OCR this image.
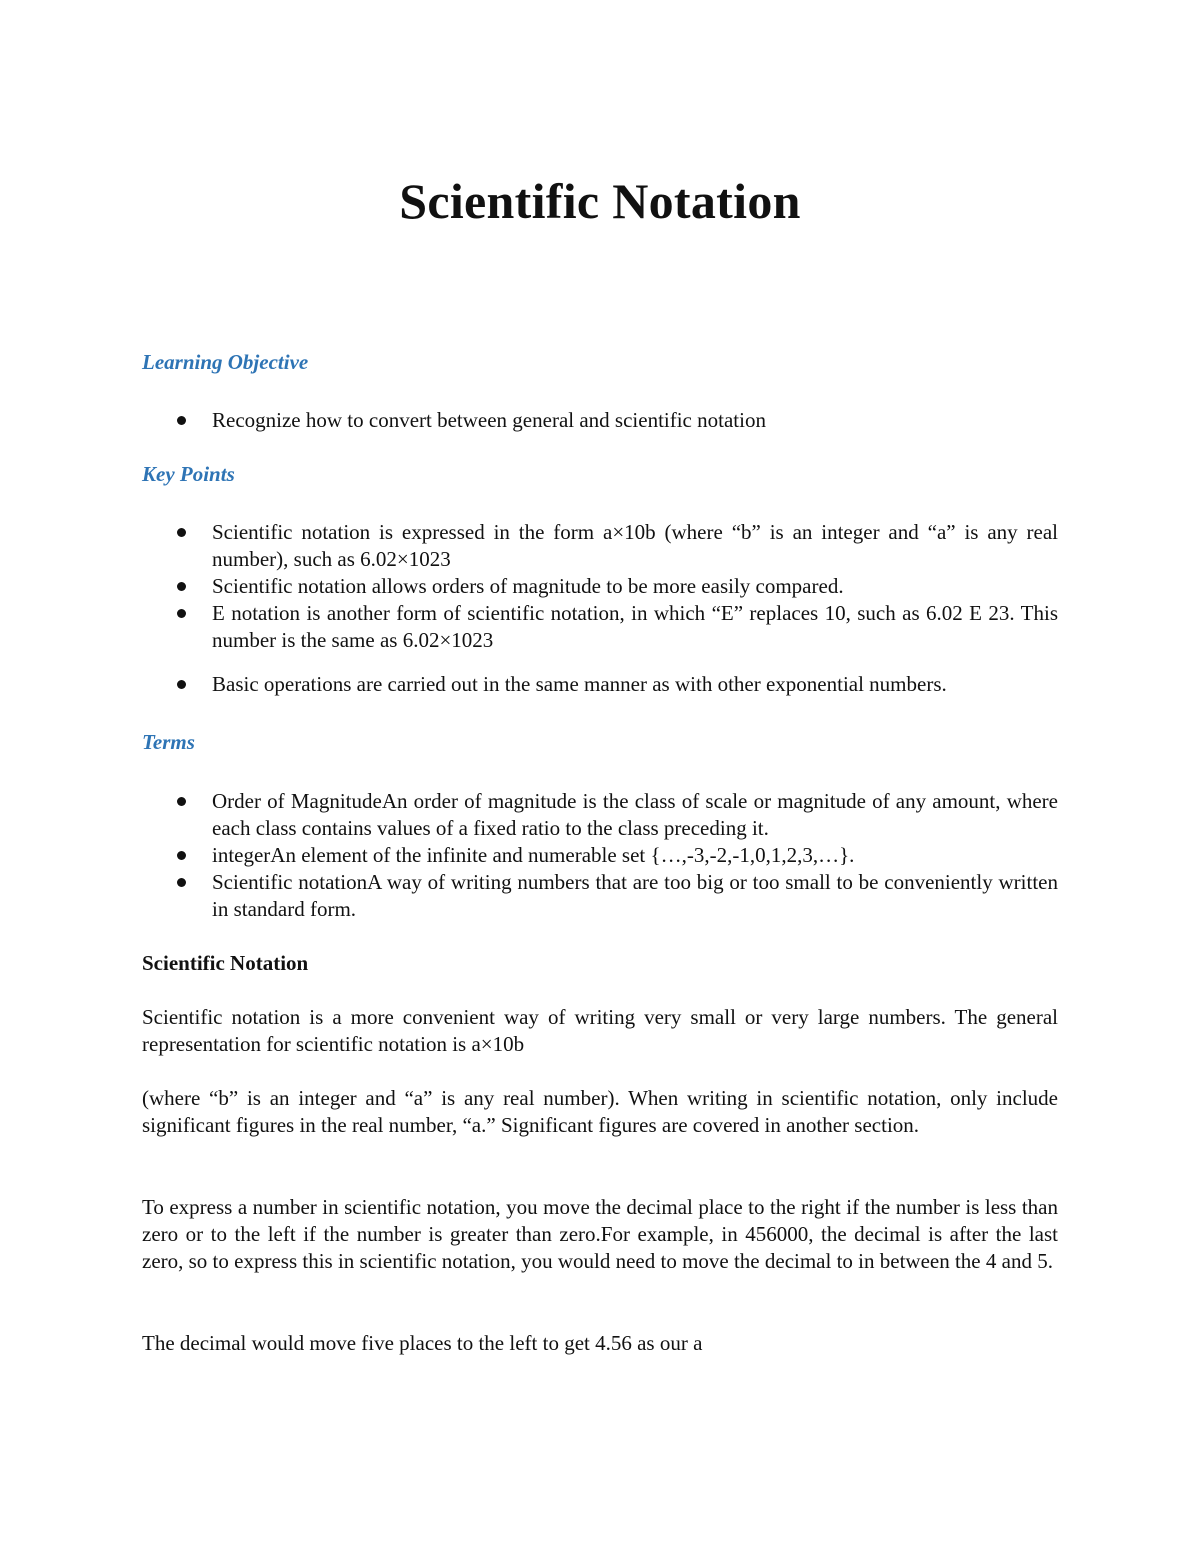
Scientific Notation
Learning Objective
Recognize how to convert between general and scientific notation
Key Points
Scientific notation is expressed in the form a×10b (where “b” is an integer and “a” is any real number), such as 6.02×1023
Scientific notation allows orders of magnitude to be more easily compared.
E notation is another form of scientific notation, in which “E” replaces 10, such as 6.02 E 23. This number is the same as 6.02×1023
Basic operations are carried out in the same manner as with other exponential numbers.
Terms
Order of MagnitudeAn order of magnitude is the class of scale or magnitude of any amount, where each class contains values of a fixed ratio to the class preceding it.
integerAn element of the infinite and numerable set {…,-3,-2,-1,0,1,2,3,…}.
Scientific notationA way of writing numbers that are too big or too small to be conveniently written in standard form.
Scientific Notation

Scientific notation is a more convenient way of writing very small or very large numbers. The general representation for scientific notation is a×10b

(where “b” is an integer and “a” is any real number). When writing in scientific notation, only include significant figures in the real number, “a.” Significant figures are covered in another section.

To express a number in scientific notation, you move the decimal place to the right if the number is less than zero or to the left if the number is greater than zero.For example, in 456000, the decimal is after the last zero, so to express this in scientific notation, you would need to move the decimal to in between the 4 and 5.

The decimal would move five places to the left to get 4.56 as our a
